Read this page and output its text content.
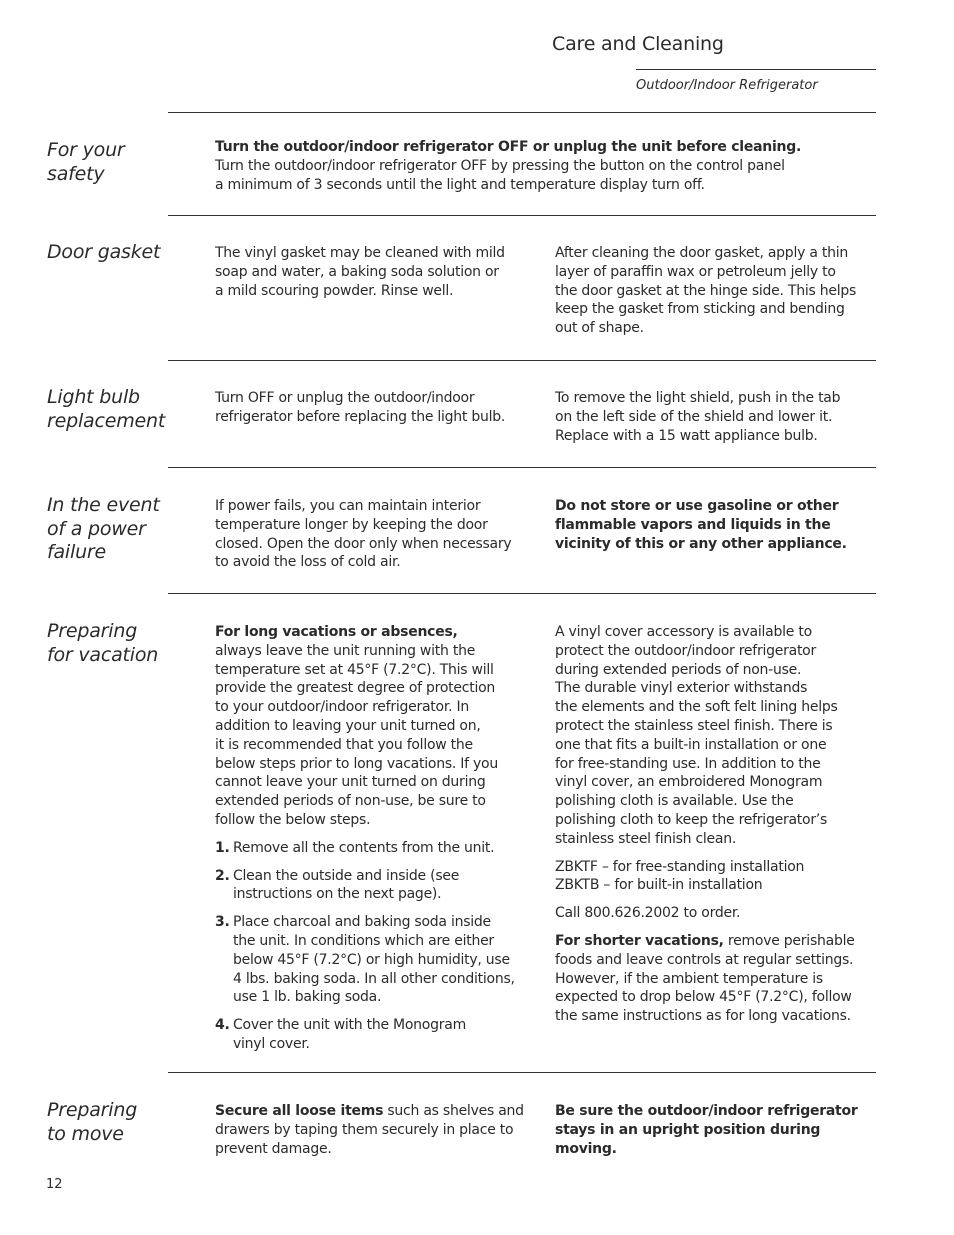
Care and Cleaning
Outdoor/Indoor Refrigerator
For your
safety
Turn the outdoor/indoor refrigerator OFF or unplug the unit before cleaning.
Turn the outdoor/indoor refrigerator OFF by pressing the button on the control panel
a minimum of 3 seconds until the light and temperature display turn off.
Door gasket	The vinyl gasket may be cleaned with mild
soap and water, a baking soda solution or
a mild scouring powder. Rinse well.
After cleaning the door gasket, apply a thin
layer of paraffin wax or petroleum jelly to
the door gasket at the hinge side. This helps
keep the gasket from sticking and bending
out of shape.
Light bulb
replacement
Turn OFF or unplug the outdoor/indoor
refrigerator before replacing the light bulb.
To remove the light shield, push in the tab
on the left side of the shield and lower it.
Replace with a 15 watt appliance bulb.
In the event
of a power
failure
If power fails, you can maintain interior
temperature longer by keeping the door
closed. Open the door only when necessary
to avoid the loss of cold air.
Do not store or use gasoline or other
flammable vapors and liquids in the
vicinity of this or any other appliance.
Preparing
for vacation

For long vacations or absences,
always leave the unit running with the
temperature set at 45°F (7.2°C). This will
provide the greatest degree of protection
to your outdoor/indoor refrigerator. In
addition to leaving your unit turned on,
it is recommended that you follow the
below steps prior to long vacations. If you
cannot leave your unit turned on during
extended periods of non-use, be sure to
follow the below steps.

1. Remove all the contents from the unit.
2. Clean the outside and inside (see
instructions on the next page).
3. Place charcoal and baking soda inside
the unit. In conditions which are either
below 45°F (7.2°C) or high humidity, use
4 lbs. baking soda. In all other conditions,
use 1 lb. baking soda.
4. Cover the unit with the Monogram
vinyl cover.

A vinyl cover accessory is available to
protect the outdoor/indoor refrigerator
during extended periods of non-use.
The durable vinyl exterior withstands
the elements and the soft felt lining helps
protect the stainless steel finish. There is
one that fits a built-in installation or one
for free-standing use. In addition to the
vinyl cover, an embroidered Monogram
polishing cloth is available. Use the
polishing cloth to keep the refrigerator’s
stainless steel finish clean.

ZBKTF – for free-standing installation
ZBKTB – for built-in installation

Call 800.626.2002 to order.

For shorter vacations, remove perishable
foods and leave controls at regular settings.
However, if the ambient temperature is
expected to drop below 45°F (7.2°C), follow
the same instructions as for long vacations.

Preparing
to move
Secure all loose items such as shelves and
drawers by taping them securely in place to
prevent damage.
Be sure the outdoor/indoor refrigerator
stays in an upright position during
moving.
12
